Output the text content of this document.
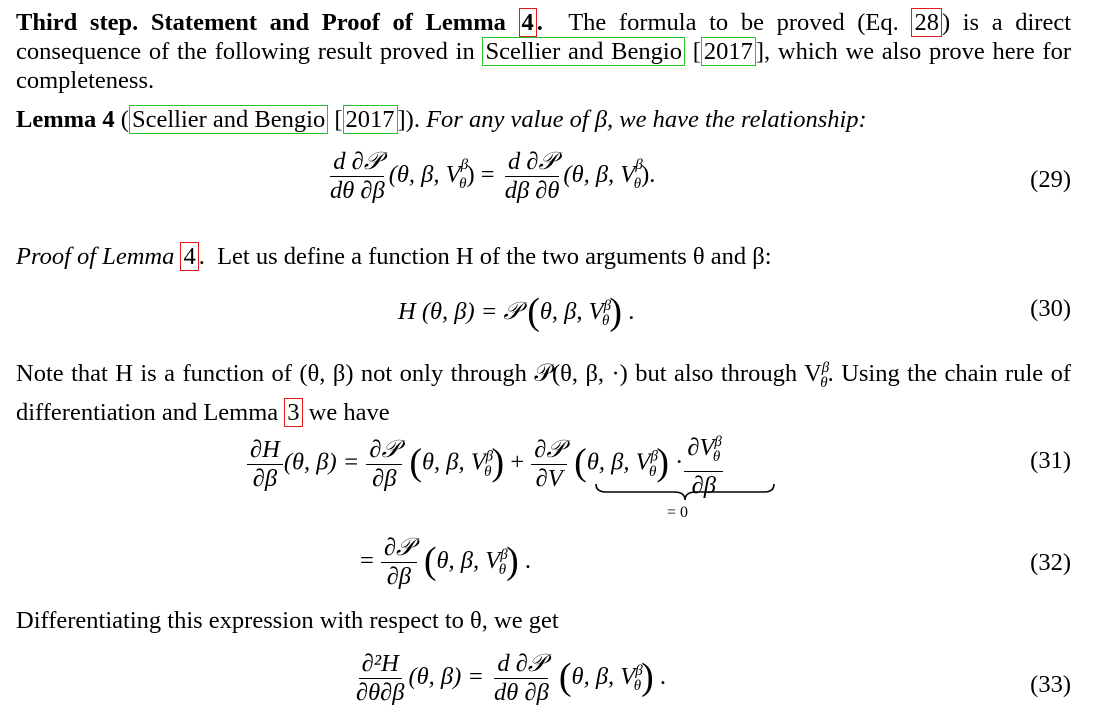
Third step. Statement and Proof of Lemma 4 . The formula to be proved (Eq. 28 ) is a direct consequence of the following result proved in Scellier and Bengio [ 2017 ], which we also prove here for completeness.
Lemma 4 ( Scellier and Bengio [ 2017 ]). For any value of β, we have the relationship:
$\frac{\text{d ∂𝒫}}{d\theta \partial\beta} (\theta$, β, $V^\beta_\theta) = \frac{\text{d ∂𝒫}}{d\beta \partial\theta} (\theta$, β, $V^\beta_\theta$).	(29)
Proof of Lemma 4 .  Let us define a function H of the two arguments θ and β:
H (θ, β) = 𝒫 (θ, β, $V^\beta_\theta$) .	(30)
Note that H is a function of (θ, β) not only through 𝒫(θ, β, ·) but also through $V^\beta_\theta$. Using the chain rule of differentiation and Lemma 3 we have
$\frac{\partial H}{\partial\beta} (\theta$, $\beta) = \frac{\text{∂𝒫}}{\partial\beta} (\theta$, β, $V^\beta_\theta) + \frac{\text{∂𝒫}}{\partial V} (\theta$, β, $V^\beta_\theta) \cdot \frac{\partial V^\beta_\theta}{\partial\beta}$
= 0
(31)
= $\frac{\text{∂𝒫}}{\partial\beta} (\theta$, β, $V^\beta_\theta$) .	(32)
Differentiating this expression with respect to θ, we get
$\frac{\text{∂²H}}{\partial\theta\partial\beta} (\theta$, $\beta) = \frac{\text{d ∂𝒫}}{d\theta \partial\beta} (\theta$, β, $V^\beta_\theta$) .	(33)
